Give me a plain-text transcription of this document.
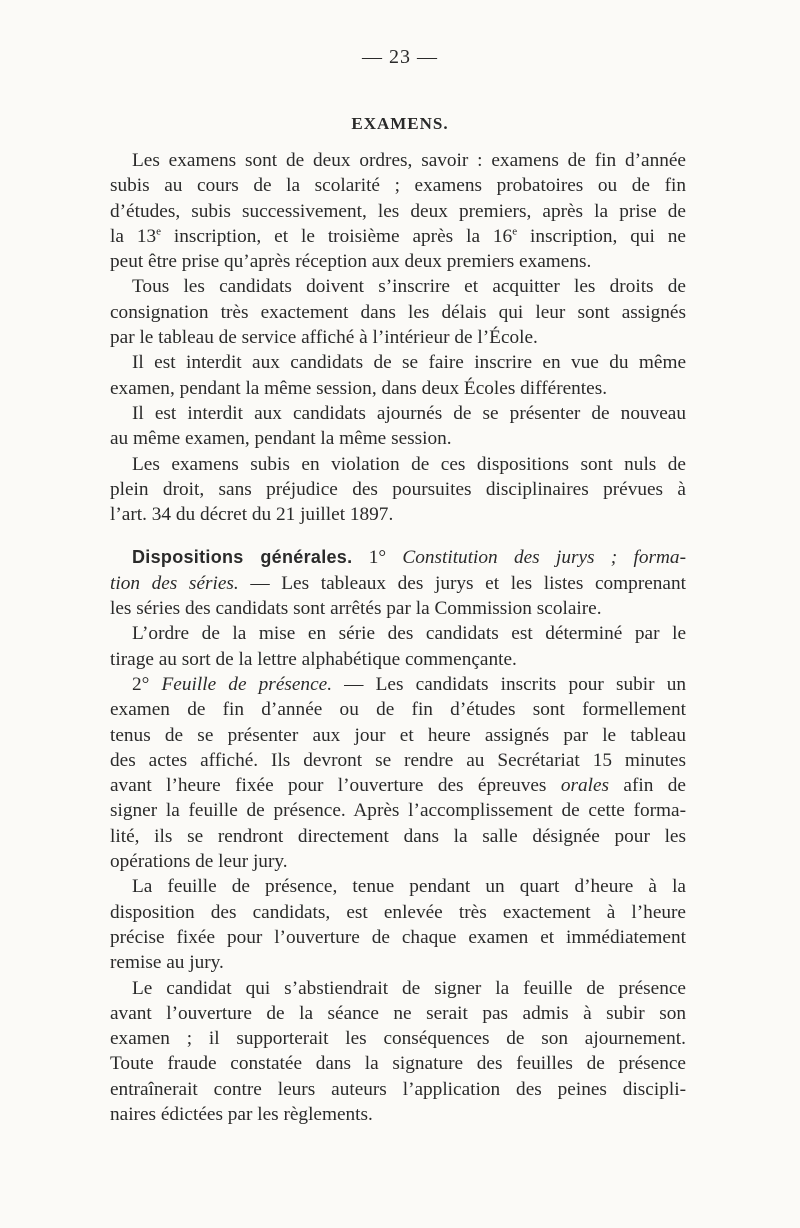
— 23 —
EXAMENS.
Les examens sont de deux ordres, savoir : examens de fin d’année
subis au cours de la scolarité ; examens probatoires ou de fin
d’études, subis successivement, les deux premiers, après la prise de
la 13e inscription, et le troisième après la 16e inscription, qui ne
peut être prise qu’après réception aux deux premiers examens.
Tous les candidats doivent s’inscrire et acquitter les droits de
consignation très exactement dans les délais qui leur sont assignés
par le tableau de service affiché à l’intérieur de l’École.
Il est interdit aux candidats de se faire inscrire en vue du même
examen, pendant la même session, dans deux Écoles différentes.
Il est interdit aux candidats ajournés de se présenter de nouveau
au même examen, pendant la même session.
Les examens subis en violation de ces dispositions sont nuls de
plein droit, sans préjudice des poursuites disciplinaires prévues à
l’art. 34 du décret du 21 juillet 1897.
Dispositions générales. 1° Constitution des jurys ; forma-
tion des séries. — Les tableaux des jurys et les listes comprenant
les séries des candidats sont arrêtés par la Commission scolaire.
L’ordre de la mise en série des candidats est déterminé par le
tirage au sort de la lettre alphabétique commençante.
2° Feuille de présence. — Les candidats inscrits pour subir un
examen de fin d’année ou de fin d’études sont formellement
tenus de se présenter aux jour et heure assignés par le tableau
des actes affiché. Ils devront se rendre au Secrétariat 15 minutes
avant l’heure fixée pour l’ouverture des épreuves orales afin de
signer la feuille de présence. Après l’accomplissement de cette forma-
lité, ils se rendront directement dans la salle désignée pour les
opérations de leur jury.
La feuille de présence, tenue pendant un quart d’heure à la
disposition des candidats, est enlevée très exactement à l’heure
précise fixée pour l’ouverture de chaque examen et immédiatement
remise au jury.
Le candidat qui s’abstiendrait de signer la feuille de présence
avant l’ouverture de la séance ne serait pas admis à subir son
examen ; il supporterait les conséquences de son ajournement.
Toute fraude constatée dans la signature des feuilles de présence
entraînerait contre leurs auteurs l’application des peines discipli-
naires édictées par les règlements.
